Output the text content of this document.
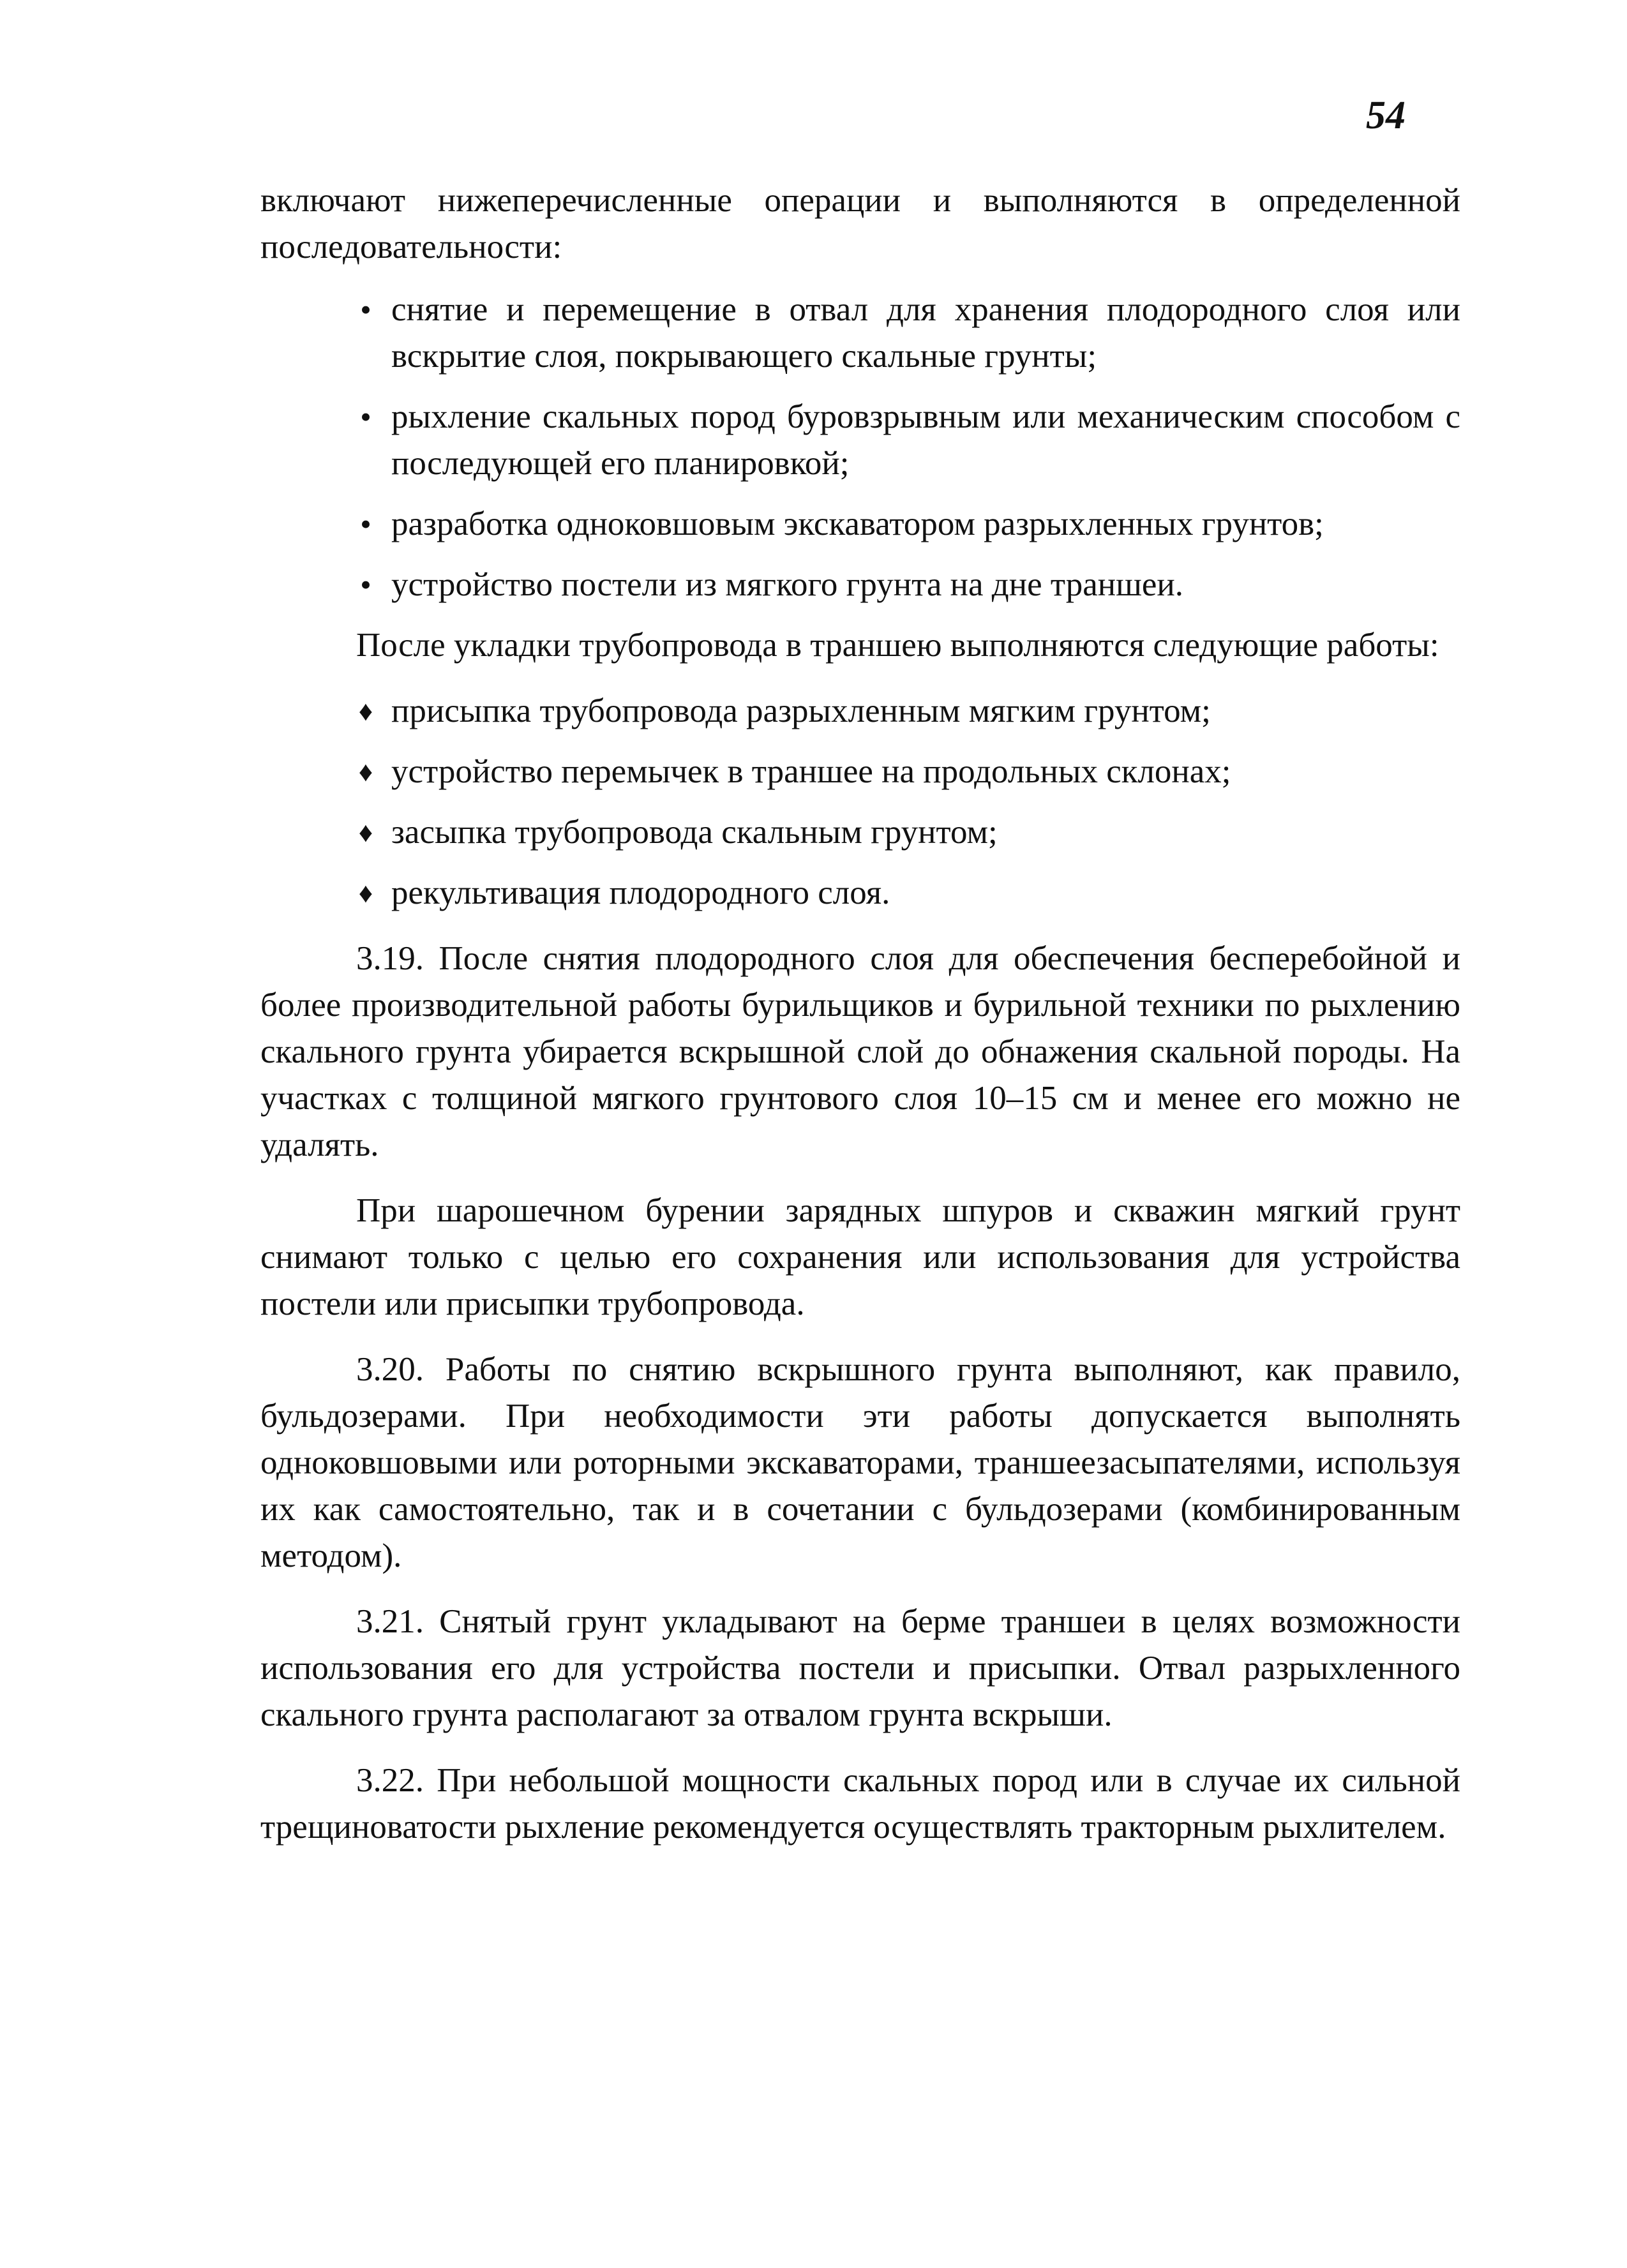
54

включают нижеперечисленные операции и выполняются в определенной последовательности:

• снятие и перемещение в отвал для хранения плодородного слоя или вскрытие слоя, покрывающего скальные грунты;
• рыхление скальных пород буровзрывным или механическим способом с последующей его планировкой;
• разработка одноковшовым экскаватором разрыхленных грунтов;
• устройство постели из мягкого грунта на дне траншеи.

После укладки трубопровода в траншею выполняются следующие работы:

♦ присыпка трубопровода разрыхленным мягким грунтом;
♦ устройство перемычек в траншее на продольных склонах;
♦ засыпка трубопровода скальным грунтом;
♦ рекультивация плодородного слоя.

3.19. После снятия плодородного слоя для обеспечения бесперебойной и более производительной работы бурильщиков и бурильной техники по рыхлению скального грунта убирается вскрышной слой до обнажения скальной породы. На участках с толщиной мягкого грунтового слоя 10–15 см и менее его можно не удалять.

При шарошечном бурении зарядных шпуров и скважин мягкий грунт снимают только с целью его сохранения или использования для устройства постели или присыпки трубопровода.

3.20. Работы по снятию вскрышного грунта выполняют, как правило, бульдозерами. При необходимости эти работы допускается выполнять одноковшовыми или роторными экскаваторами, траншеезасыпателями, используя их как самостоятельно, так и в сочетании с бульдозерами (комбинированным методом).

3.21. Снятый грунт укладывают на берме траншеи в целях возможности использования его для устройства постели и присыпки. Отвал разрыхленного скального грунта располагают за отвалом грунта вскрыши.

3.22. При небольшой мощности скальных пород или в случае их сильной трещиноватости рыхление рекомендуется осуществлять тракторным рыхлителем.
